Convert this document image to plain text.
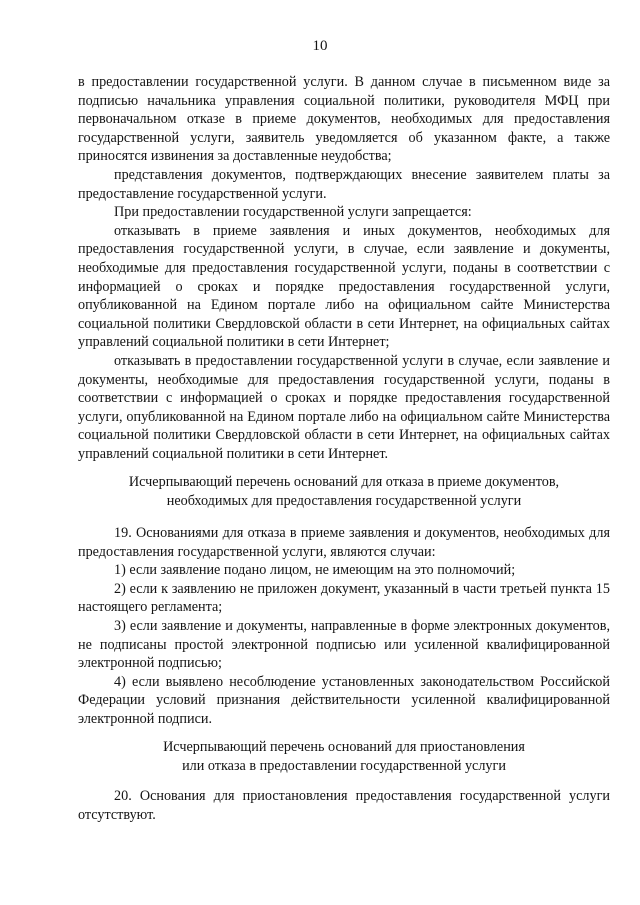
10

в предоставлении государственной услуги. В данном случае в письменном виде за подписью начальника управления социальной политики, руководителя МФЦ при первоначальном отказе в приеме документов, необходимых для предоставления государственной услуги, заявитель уведомляется об указанном факте, а также приносятся извинения за доставленные неудобства;

представления документов, подтверждающих внесение заявителем платы за предоставление государственной услуги.

При предоставлении государственной услуги запрещается:

отказывать в приеме заявления и иных документов, необходимых для предоставления государственной услуги, в случае, если заявление и документы, необходимые для предоставления государственной услуги, поданы в соответствии с информацией о сроках и порядке предоставления государственной услуги, опубликованной на Едином портале либо на официальном сайте Министерства социальной политики Свердловской области в сети Интернет, на официальных сайтах управлений социальной политики в сети Интернет;

отказывать в предоставлении государственной услуги в случае, если заявление и документы, необходимые для предоставления государственной услуги, поданы в соответствии с информацией о сроках и порядке предоставления государственной услуги, опубликованной на Едином портале либо на официальном сайте Министерства социальной политики Свердловской области в сети Интернет, на официальных сайтах управлений социальной политики в сети Интернет.

Исчерпывающий перечень оснований для отказа в приеме документов,
необходимых для предоставления государственной услуги

19. Основаниями для отказа в приеме заявления и документов, необходимых для предоставления государственной услуги, являются случаи:

1) если заявление подано лицом, не имеющим на это полномочий;

2) если к заявлению не приложен документ, указанный в части третьей пункта 15 настоящего регламента;

3) если заявление и документы, направленные в форме электронных документов, не подписаны простой электронной подписью или усиленной квалифицированной электронной подписью;

4) если выявлено несоблюдение установленных законодательством Российской Федерации условий признания действительности усиленной квалифицированной электронной подписи.

Исчерпывающий перечень оснований для приостановления
или отказа в предоставлении государственной услуги

20. Основания для приостановления предоставления государственной услуги отсутствуют.
